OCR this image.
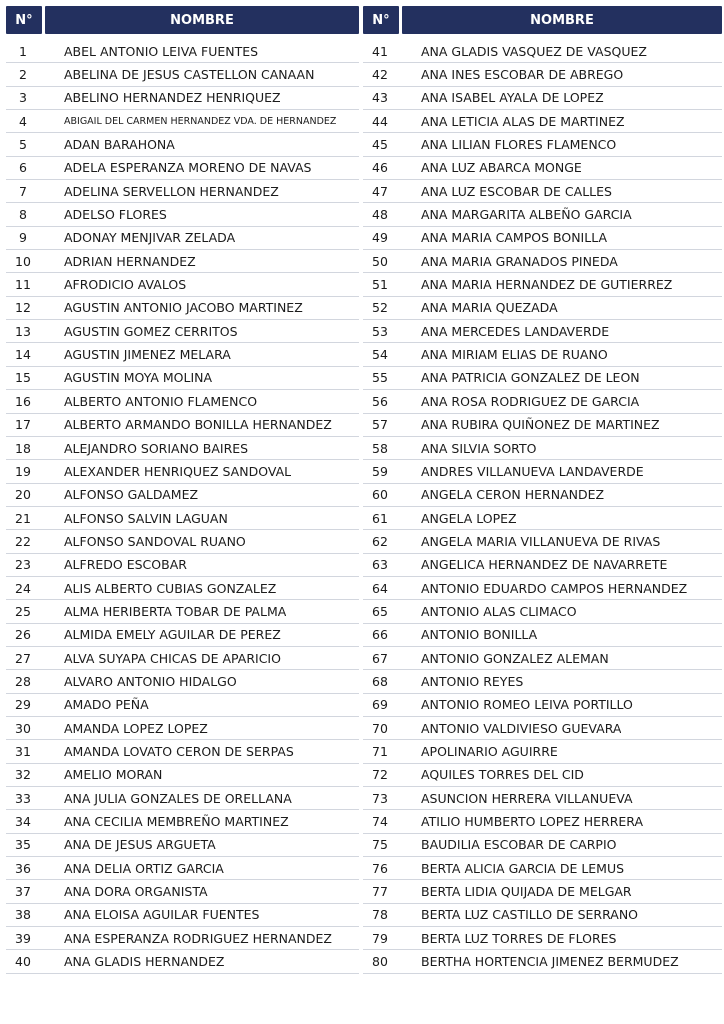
N°	NOMBRE
1	ABEL ANTONIO LEIVA FUENTES
2	ABELINA DE JESUS CASTELLON CANAAN
3	ABELINO HERNANDEZ HENRIQUEZ
4	ABIGAIL DEL CARMEN HERNANDEZ VDA. DE HERNANDEZ
5	ADAN BARAHONA
6	ADELA ESPERANZA MORENO DE NAVAS
7	ADELINA SERVELLON HERNANDEZ
8	ADELSO FLORES
9	ADONAY MENJIVAR ZELADA
10	ADRIAN HERNANDEZ
11	AFRODICIO AVALOS
12	AGUSTIN ANTONIO JACOBO MARTINEZ
13	AGUSTIN GOMEZ CERRITOS
14	AGUSTIN JIMENEZ MELARA
15	AGUSTIN MOYA MOLINA
16	ALBERTO ANTONIO FLAMENCO
17	ALBERTO ARMANDO BONILLA HERNANDEZ
18	ALEJANDRO SORIANO BAIRES
19	ALEXANDER HENRIQUEZ SANDOVAL
20	ALFONSO GALDAMEZ
21	ALFONSO SALVIN LAGUAN
22	ALFONSO SANDOVAL RUANO
23	ALFREDO ESCOBAR
24	ALIS ALBERTO CUBIAS GONZALEZ
25	ALMA HERIBERTA TOBAR DE PALMA
26	ALMIDA EMELY AGUILAR DE PEREZ
27	ALVA SUYAPA CHICAS DE APARICIO
28	ALVARO ANTONIO HIDALGO
29	AMADO PEÑA
30	AMANDA LOPEZ LOPEZ
31	AMANDA LOVATO CERON DE SERPAS
32	AMELIO MORAN
33	ANA JULIA GONZALES DE ORELLANA
34	ANA CECILIA MEMBREÑO MARTINEZ
35	ANA DE JESUS ARGUETA
36	ANA DELIA ORTIZ GARCIA
37	ANA DORA ORGANISTA
38	ANA ELOISA AGUILAR FUENTES
39	ANA ESPERANZA RODRIGUEZ HERNANDEZ
40	ANA GLADIS HERNANDEZ
N°	NOMBRE
41	ANA GLADIS VASQUEZ DE VASQUEZ
42	ANA INES ESCOBAR DE ABREGO
43	ANA ISABEL AYALA DE LOPEZ
44	ANA LETICIA ALAS DE MARTINEZ
45	ANA LILIAN FLORES FLAMENCO
46	ANA LUZ ABARCA MONGE
47	ANA LUZ ESCOBAR DE CALLES
48	ANA MARGARITA ALBEÑO GARCIA
49	ANA MARIA CAMPOS BONILLA
50	ANA MARIA GRANADOS PINEDA
51	ANA MARIA HERNANDEZ DE GUTIERREZ
52	ANA MARIA QUEZADA
53	ANA MERCEDES LANDAVERDE
54	ANA MIRIAM ELIAS DE RUANO
55	ANA PATRICIA GONZALEZ DE LEON
56	ANA ROSA RODRIGUEZ DE GARCIA
57	ANA RUBIRA QUIÑONEZ DE MARTINEZ
58	ANA SILVIA SORTO
59	ANDRES VILLANUEVA LANDAVERDE
60	ANGELA CERON HERNANDEZ
61	ANGELA LOPEZ
62	ANGELA MARIA VILLANUEVA DE RIVAS
63	ANGELICA HERNANDEZ DE NAVARRETE
64	ANTONIO EDUARDO CAMPOS HERNANDEZ
65	ANTONIO ALAS CLIMACO
66	ANTONIO BONILLA
67	ANTONIO GONZALEZ ALEMAN
68	ANTONIO REYES
69	ANTONIO ROMEO LEIVA PORTILLO
70	ANTONIO VALDIVIESO GUEVARA
71	APOLINARIO AGUIRRE
72	AQUILES TORRES DEL CID
73	ASUNCION HERRERA VILLANUEVA
74	ATILIO HUMBERTO LOPEZ HERRERA
75	BAUDILIA ESCOBAR DE CARPIO
76	BERTA ALICIA GARCIA DE LEMUS
77	BERTA LIDIA QUIJADA DE MELGAR
78	BERTA LUZ CASTILLO DE SERRANO
79	BERTA LUZ TORRES DE FLORES
80	BERTHA HORTENCIA JIMENEZ BERMUDEZ
